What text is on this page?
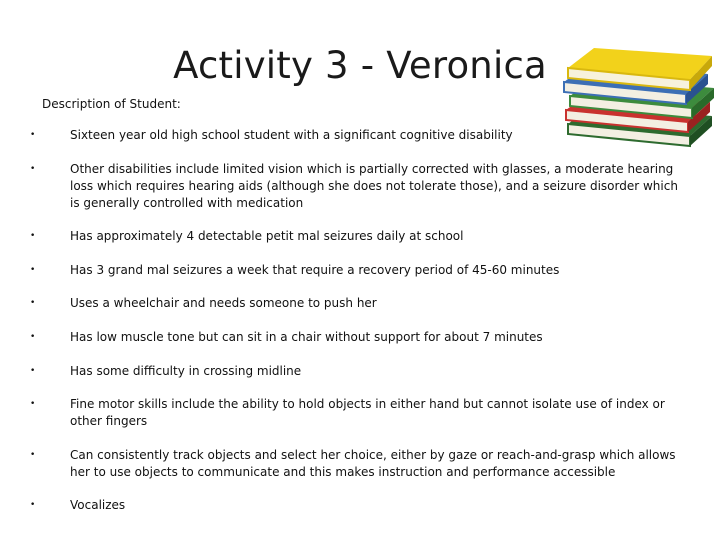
Activity 3 - Veronica
Description of Student:
•	Sixteen year old high school student with a significant cognitive disability
•	Other disabilities include limited vision which is partially corrected with glasses, a moderate hearing loss which requires hearing aids (although she does not tolerate those), and a seizure disorder which is generally controlled with medication
•	Has approximately 4 detectable petit mal seizures daily at school
•	Has 3 grand mal seizures a week that require a recovery period of 45-60 minutes
•	Uses a wheelchair and needs someone to push her
•	Has low muscle tone but can sit in a chair without support for about 7 minutes
•	Has some difficulty in crossing midline
•	Fine motor skills include the ability to hold objects in either hand but cannot isolate use of index or other fingers
•	Can consistently track objects and select her choice, either by gaze or reach-and-grasp which allows her to use objects to communicate and this makes instruction and performance accessible
•	Vocalizes
